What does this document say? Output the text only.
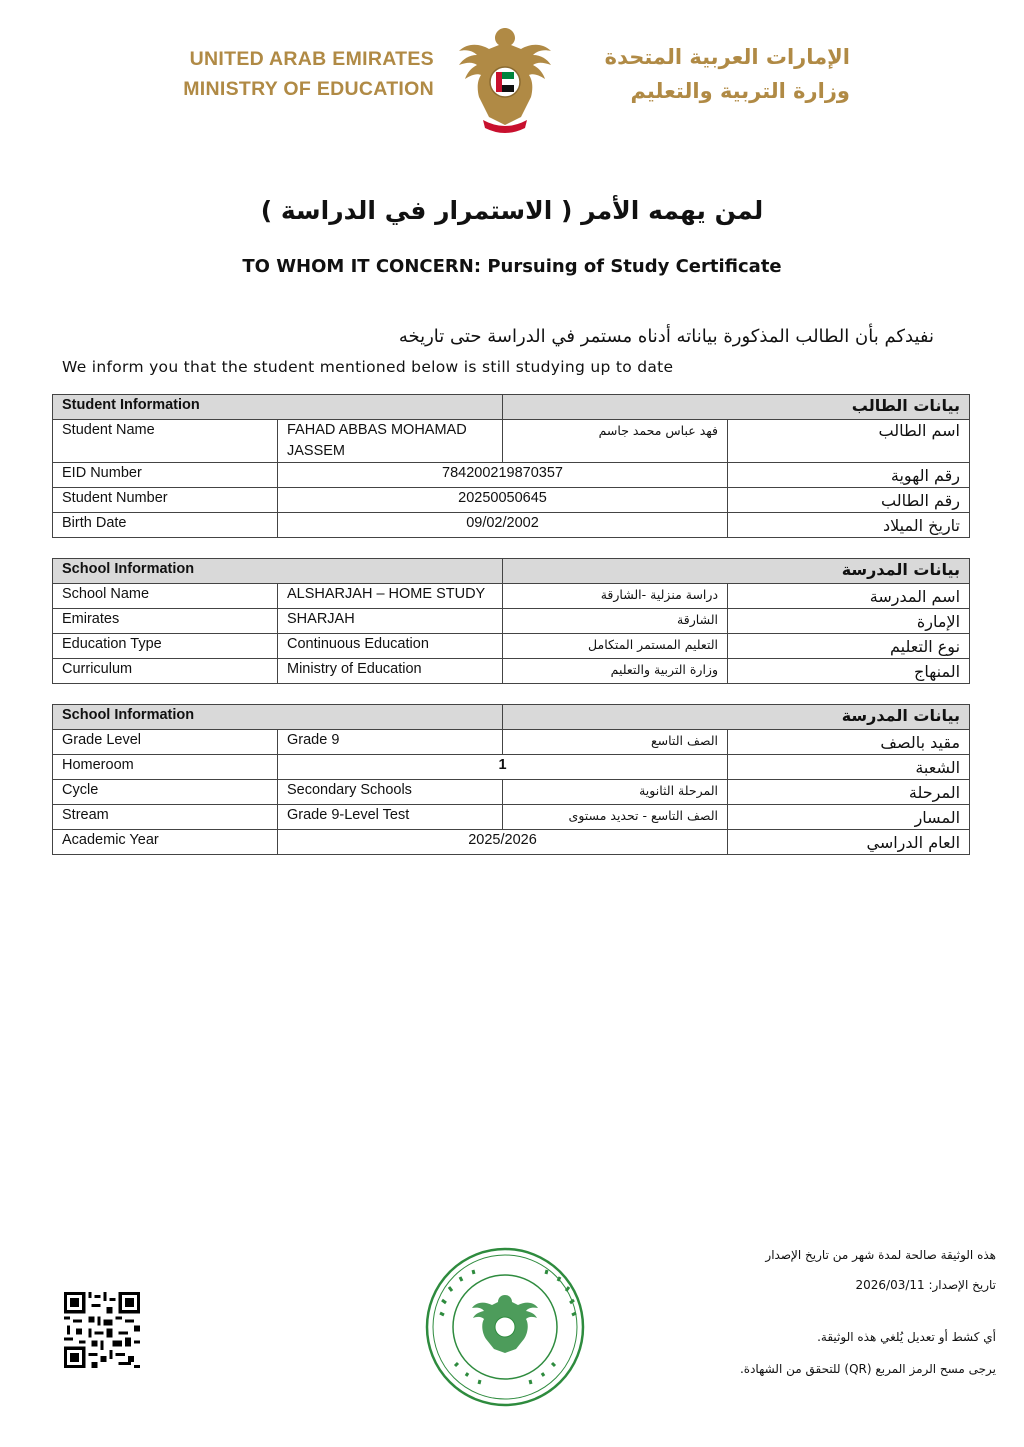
UNITED ARAB EMIRATES
MINISTRY OF EDUCATION
الإمارات العربية المتحدة
وزارة التربية والتعليم
لمن يهمه الأمر ( الاستمرار في الدراسة )
TO WHOM IT CONCERN: Pursuing of Study Certificate
نفيدكم بأن الطالب المذكورة بياناته أدناه مستمر في الدراسة حتى تاريخه
We inform you that the student mentioned below is still studying up to date
Student Information		بيانات الطالب	
Student Name	FAHAD ABBAS MOHAMAD JASSEM	فهد عباس محمد جاسم	اسم الطالب
EID Number	784200219870357		رقم الهوية
Student Number	20250050645		رقم الطالب
Birth Date	09/02/2002		تاريخ الميلاد
School Information		بيانات المدرسة	
School Name	ALSHARJAH – HOME STUDY	دراسة منزلية -الشارقة	اسم المدرسة
Emirates	SHARJAH	الشارقة	الإمارة
Education Type	Continuous Education	التعليم المستمر المتكامل	نوع التعليم
Curriculum	Ministry of Education	وزارة التربية والتعليم	المنهاج
School Information		بيانات المدرسة	
Grade Level	Grade 9	الصف التاسع	مقيد بالصف
Homeroom	1		الشعبة
Cycle	Secondary Schools	المرحلة الثانوية	المرحلة
Stream	Grade 9-Level Test	الصف التاسع - تحديد مستوى	المسار
Academic Year	2025/2026		العام الدراسي
هذه الوثيقة صالحة لمدة شهر من تاريخ الإصدار
تاريخ الإصدار: 2026/03/11
أي كشط أو تعديل يُلغي هذه الوثيقة.
يرجى مسح الرمز المربع (QR) للتحقق من الشهادة.
